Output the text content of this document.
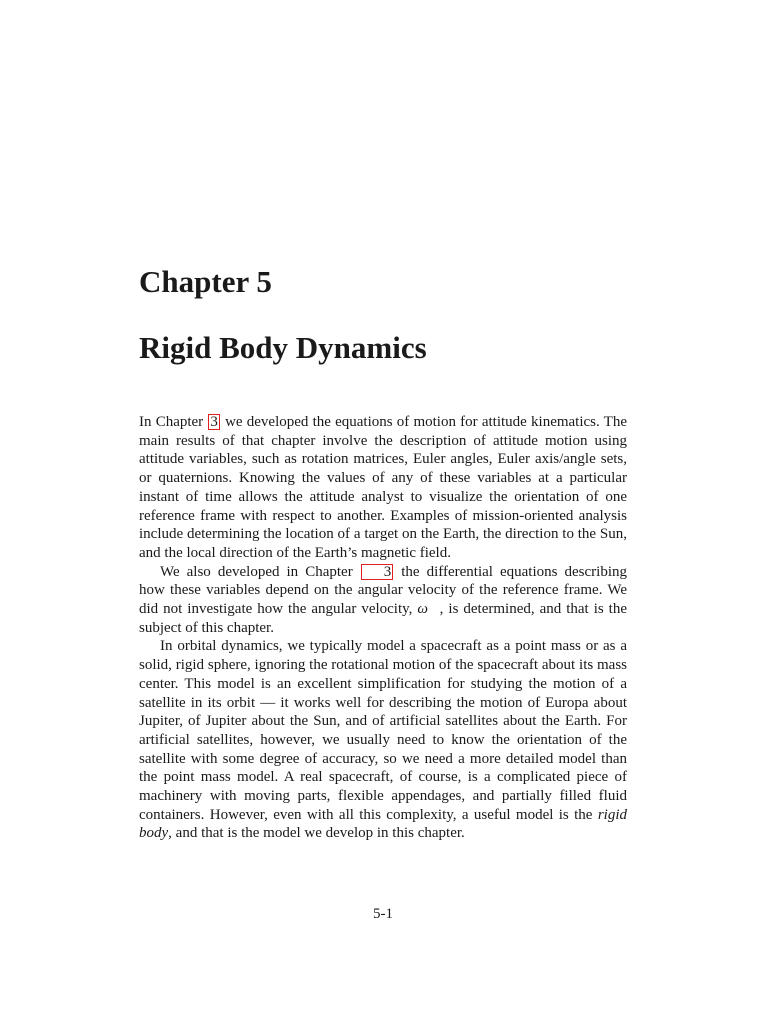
Chapter 5
Rigid Body Dynamics

In Chapter 3 we developed the equations of motion for attitude kinematics. The main results of that chapter involve the description of attitude motion using attitude variables, such as rotation matrices, Euler angles, Euler axis/angle sets, or quaternions. Knowing the values of any of these variables at a particular instant of time allows the attitude analyst to visualize the orientation of one reference frame with respect to another. Examples of mission-oriented analysis include determining the location of a target on the Earth, the direction to the Sun, and the local direction of the Earth’s magnetic field.

We also developed in Chapter 3 the differential equations describing how these variables depend on the angular velocity of the reference frame. We did not investigate how the angular velocity, ω⃗, is determined, and that is the subject of this chapter.

In orbital dynamics, we typically model a spacecraft as a point mass or as a solid, rigid sphere, ignoring the rotational motion of the spacecraft about its mass center. This model is an excellent simplification for studying the motion of a satellite in its orbit — it works well for describing the motion of Europa about Jupiter, of Jupiter about the Sun, and of artificial satellites about the Earth. For artificial satellites, however, we usually need to know the orientation of the satellite with some degree of accuracy, so we need a more detailed model than the point mass model. A real spacecraft, of course, is a complicated piece of machinery with moving parts, flexible appendages, and partially filled fluid containers. However, even with all this complexity, a useful model is the rigid body, and that is the model we develop in this chapter.

5-1
